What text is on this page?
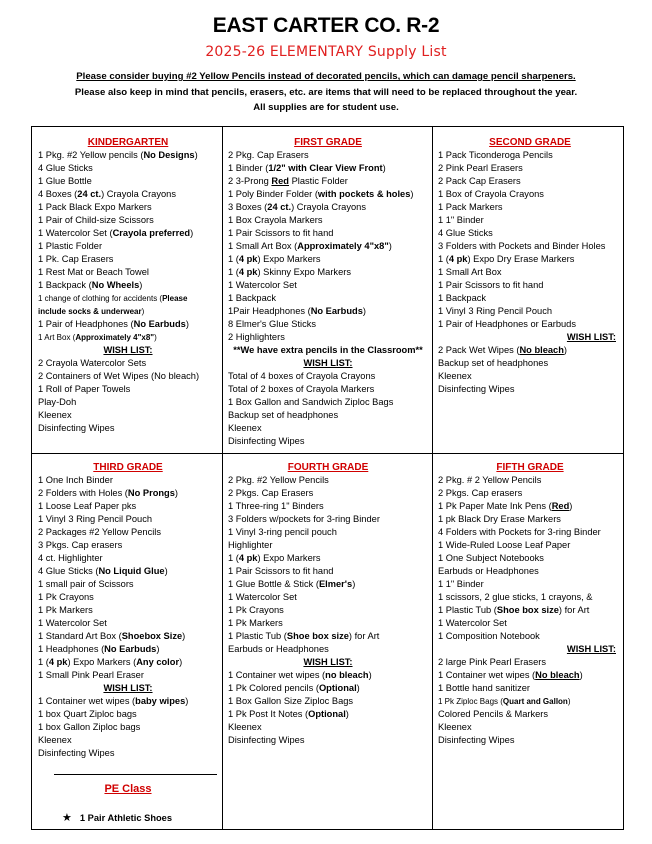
EAST CARTER CO. R-2
2025-26 ELEMENTARY Supply List
Please consider buying #2 Yellow Pencils instead of decorated pencils, which can damage pencil sharpeners.
Please also keep in mind that pencils, erasers, etc. are items that will need to be replaced throughout the year.
All supplies are for student use.
KINDERGARTEN
1 Pkg. #2 Yellow pencils (No Designs)
4 Glue Sticks
1 Glue Bottle
4 Boxes (24 ct.) Crayola Crayons
1 Pack Black Expo Markers
1 Pair of Child-size Scissors
1 Watercolor Set (Crayola preferred)
1 Plastic Folder
1 Pk. Cap Erasers
1 Rest Mat or Beach Towel
1 Backpack (No Wheels)
1 change of clothing for accidents (Please
include socks & underwear)
1 Pair of Headphones (No Earbuds)
1 Art Box (Approximately 4"x8")
WISH LIST:
2 Crayola Watercolor Sets
2 Containers of Wet Wipes (No bleach)
1 Roll of Paper Towels
Play-Doh
Kleenex
Disinfecting Wipes
FIRST GRADE
2 Pkg. Cap Erasers
1 Binder (1/2" with Clear View Front)
2 3-Prong Red Plastic Folder
1 Poly Binder Folder (with pockets & holes)
3 Boxes (24 ct.) Crayola Crayons
1 Box Crayola Markers
1 Pair Scissors to fit hand
1 Small Art Box (Approximately 4"x8")
1 (4 pk) Expo Markers
1 (4 pk) Skinny Expo Markers
1 Watercolor Set
1 Backpack
1Pair Headphones (No Earbuds)
8 Elmer's Glue Sticks
2 Highlighters
**We have extra pencils in the Classroom**
WISH LIST:
Total of 4 boxes of Crayola Crayons
Total of 2 boxes of Crayola Markers
1 Box Gallon and Sandwich Ziploc Bags
Backup set of headphones
Kleenex
Disinfecting Wipes
SECOND GRADE
1 Pack Ticonderoga Pencils
2 Pink Pearl Erasers
2 Pack Cap Erasers
1 Box of Crayola Crayons
1 Pack Markers
1 1" Binder
4 Glue Sticks
3 Folders with Pockets and Binder Holes
1 (4 pk) Expo Dry Erase Markers
1 Small Art Box
1 Pair Scissors to fit hand
1 Backpack
1 Vinyl 3 Ring Pencil Pouch
1 Pair of Headphones or Earbuds
WISH LIST:
2 Pack Wet Wipes (No bleach)
Backup set of headphones
Kleenex
Disinfecting Wipes
THIRD GRADE
1 One Inch Binder
2 Folders with Holes (No Prongs)
1 Loose Leaf Paper pks
1 Vinyl 3 Ring Pencil Pouch
2 Packages #2 Yellow Pencils
3 Pkgs. Cap erasers
4 ct. Highlighter
4 Glue Sticks (No Liquid Glue)
1 small pair of Scissors
1 Pk Crayons
1 Pk Markers
1 Watercolor Set
1 Standard Art Box (Shoebox Size)
1 Headphones (No Earbuds)
1 (4 pk) Expo Markers (Any color)
1 Small Pink Pearl Eraser
WISH LIST:
1 Container wet wipes (baby wipes)
1 box Quart Ziploc bags
1 box Gallon Ziploc bags
Kleenex
Disinfecting Wipes
PE Class
★ 1 Pair Athletic Shoes
FOURTH GRADE
2 Pkg. #2 Yellow Pencils
2 Pkgs. Cap Erasers
1 Three-ring 1" Binders
3 Folders w/pockets for 3-ring Binder
1 Vinyl 3-ring pencil pouch
Highlighter
1 (4 pk) Expo Markers
1 Pair Scissors to fit hand
1 Glue Bottle & Stick (Elmer's)
1 Watercolor Set
1 Pk Crayons
1 Pk Markers
1 Plastic Tub (Shoe box size) for Art
Earbuds or Headphones
WISH LIST:
1 Container wet wipes (no bleach)
1 Pk Colored pencils (Optional)
1 Box Gallon Size Ziploc Bags
1 Pk Post It Notes (Optional)
Kleenex
Disinfecting Wipes
FIFTH GRADE
2 Pkg. # 2 Yellow Pencils
2 Pkgs. Cap erasers
1 Pk Paper Mate Ink Pens (Red)
1 pk Black Dry Erase Markers
4 Folders with Pockets for 3-ring Binder
1 Wide-Ruled Loose Leaf Paper
1 One Subject Notebooks
Earbuds or Headphones
1 1" Binder
1 scissors, 2 glue sticks, 1 crayons, &
1 Plastic Tub (Shoe box size) for Art
1 Watercolor Set
1 Composition Notebook
WISH LIST:
2 large Pink Pearl Erasers
1 Container wet wipes (No bleach)
1 Bottle hand sanitizer
1 Pk Ziploc Bags (Quart and Gallon)
Colored Pencils & Markers
Kleenex
Disinfecting Wipes
